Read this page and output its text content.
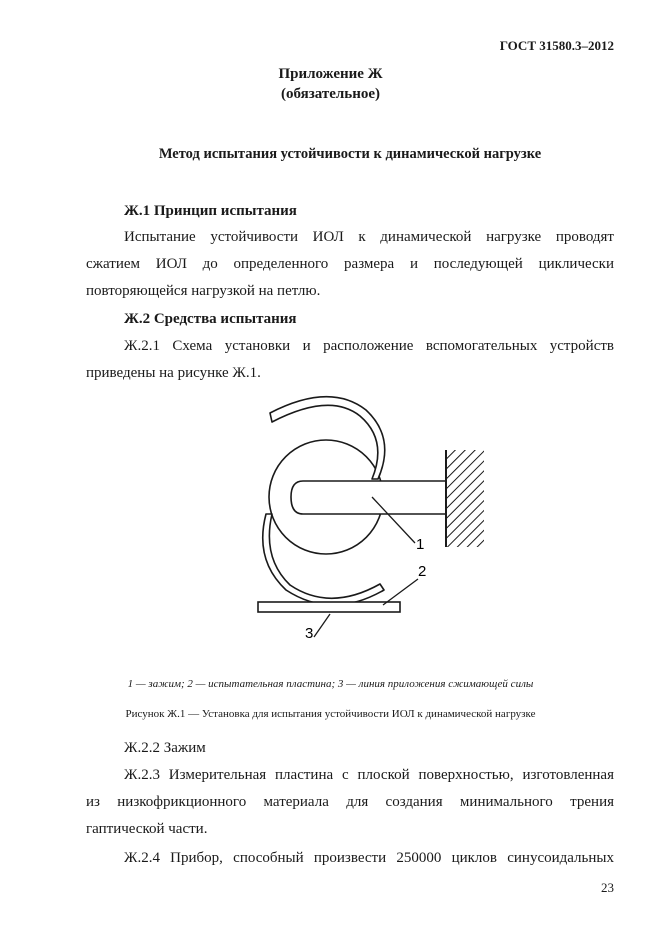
ГОСТ 31580.3–2012
Приложение Ж
(обязательное)
Метод испытания устойчивости к динамической нагрузке
Ж.1 Принцип испытания
Испытание устойчивости ИОЛ к динамической нагрузке проводят
сжатием ИОЛ до определенного размера и последующей циклически
повторяющейся нагрузкой на петлю.
Ж.2 Средства испытания
Ж.2.1 Схема установки и расположение вспомогательных устройств
приведены на рисунке Ж.1.
1
2
3
1 — зажим; 2 — испытательная пластина; 3 — линия приложения сжимающей силы
Рисунок Ж.1 — Установка для испытания устойчивости ИОЛ к динамической нагрузке
Ж.2.2 Зажим
Ж.2.3 Измерительная пластина с плоской поверхностью, изготовленная
из низкофрикционного материала для создания минимального трения
гаптической части.
Ж.2.4 Прибор, способный произвести 250000 циклов синусоидальных
23
